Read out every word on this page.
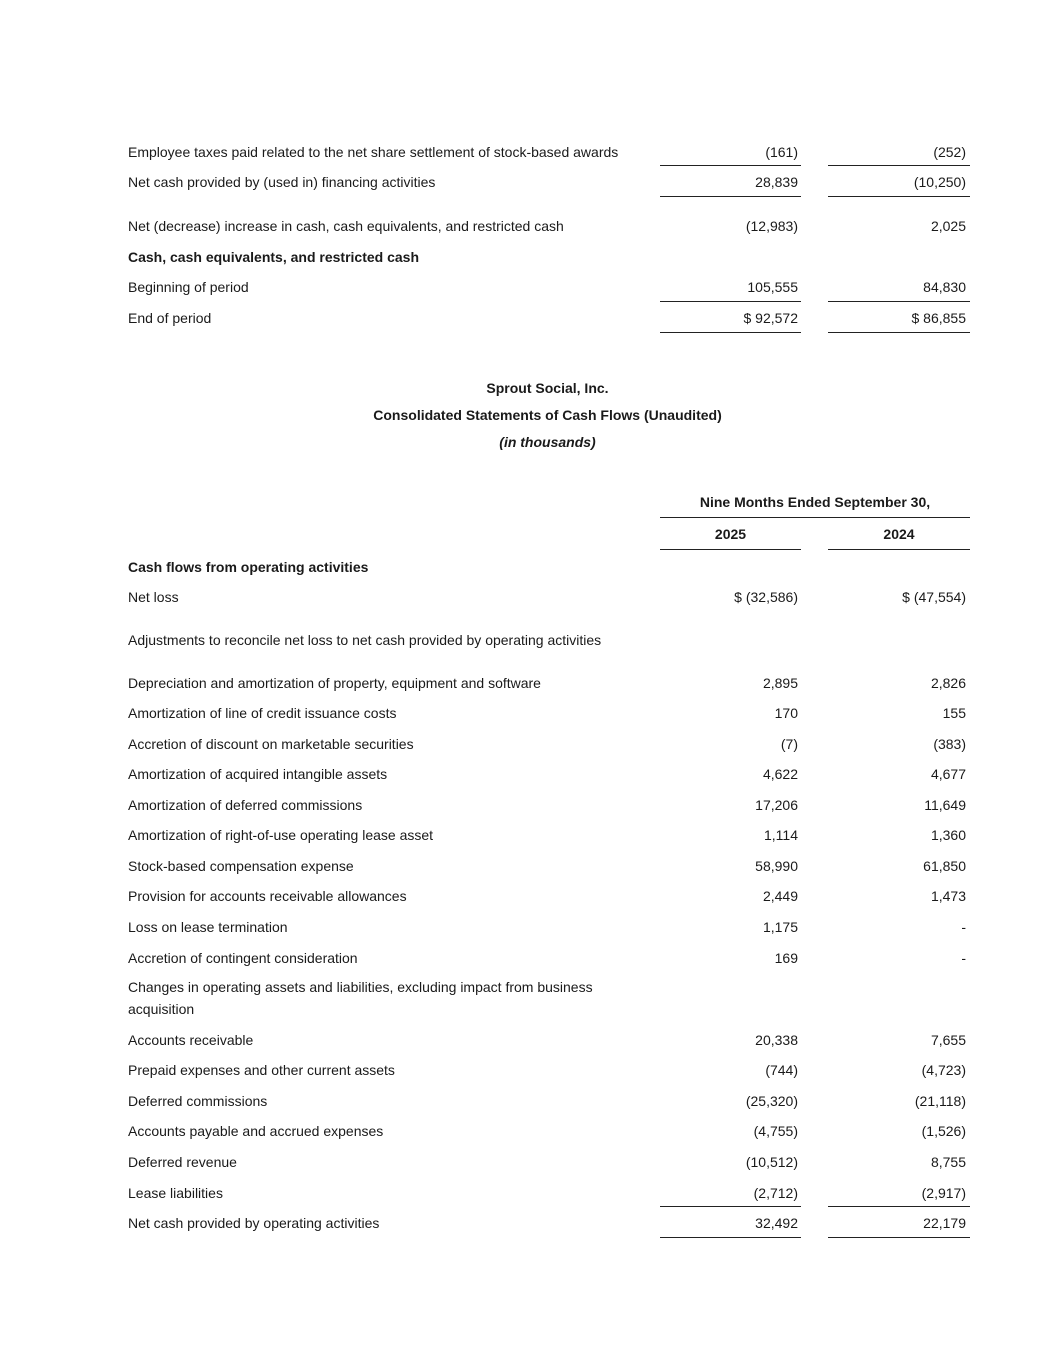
Employee taxes paid related to the net share settlement of stock-based awards	(161)	(252)
Net cash provided by (used in) financing activities	28,839	(10,250)
Net (decrease) increase in cash, cash equivalents, and restricted cash	(12,983)	2,025
Cash, cash equivalents, and restricted cash
Beginning of period	105,555	84,830
End of period	$ 92,572	$ 86,855
Sprout Social, Inc.
Consolidated Statements of Cash Flows (Unaudited)
(in thousands)
Nine Months Ended September 30,
2025	2024
Cash flows from operating activities
Net loss	$ (32,586)	$ (47,554)
Adjustments to reconcile net loss to net cash provided by operating activities
Depreciation and amortization of property, equipment and software	2,895	2,826
Amortization of line of credit issuance costs	170	155
Accretion of discount on marketable securities	(7)	(383)
Amortization of acquired intangible assets	4,622	4,677
Amortization of deferred commissions	17,206	11,649
Amortization of right-of-use operating lease asset	1,114	1,360
Stock-based compensation expense	58,990	61,850
Provision for accounts receivable allowances	2,449	1,473
Loss on lease termination	1,175	-
Accretion of contingent consideration	169	-
Changes in operating assets and liabilities, excluding impact from business acquisition
Accounts receivable	20,338	7,655
Prepaid expenses and other current assets	(744)	(4,723)
Deferred commissions	(25,320)	(21,118)
Accounts payable and accrued expenses	(4,755)	(1,526)
Deferred revenue	(10,512)	8,755
Lease liabilities	(2,712)	(2,917)
Net cash provided by operating activities	32,492	22,179
